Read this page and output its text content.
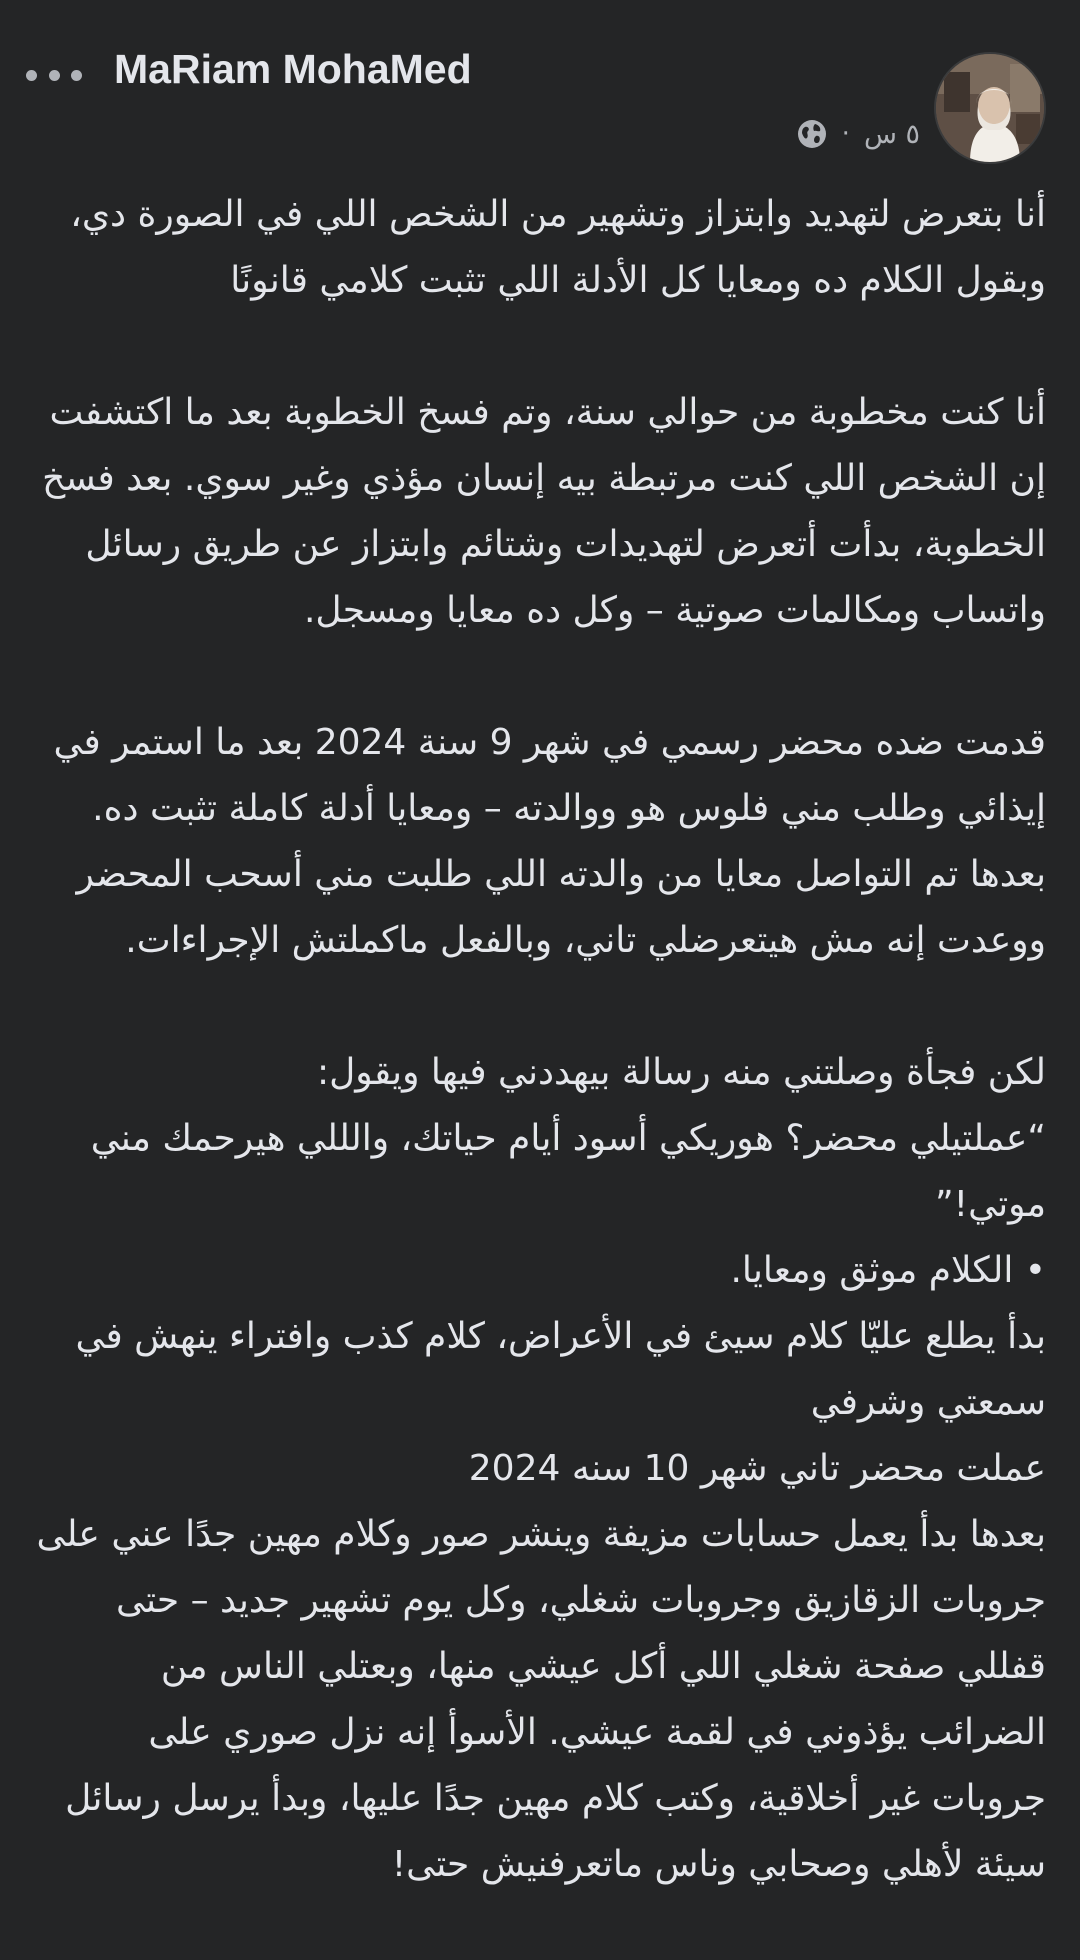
MaRiam MohaMed
· ٥ س

أنا بتعرض لتهديد وابتزاز وتشهير من الشخص اللي في الصورة دي، وبقول الكلام ده ومعايا كل الأدلة اللي تثبت كلامي قانونًا

أنا كنت مخطوبة من حوالي سنة، وتم فسخ الخطوبة بعد ما اكتشفت إن الشخص اللي كنت مرتبطة بيه إنسان مؤذي وغير سوي. بعد فسخ الخطوبة، بدأت أتعرض لتهديدات وشتائم وابتزاز عن طريق رسائل واتساب ومكالمات صوتية – وكل ده معايا ومسجل.

قدمت ضده محضر رسمي في شهر 9 سنة 2024 بعد ما استمر في إيذائي وطلب مني فلوس هو ووالدته – ومعايا أدلة كاملة تثبت ده. بعدها تم التواصل معايا من والدته اللي طلبت مني أسحب المحضر ووعدت إنه مش هيتعرضلي تاني، وبالفعل ماكملتش الإجراءات.

لكن فجأة وصلتني منه رسالة بيهددني فيها ويقول:
“عملتيلي محضر؟ هوريكي أسود أيام حياتك، والللي هيرحمك مني موتي!”
• الكلام موثق ومعايا.
بدأ يطلع عليّا كلام سيئ في الأعراض، كلام كذب وافتراء ينهش في سمعتي وشرفي
عملت محضر تاني شهر 10 سنه 2024
بعدها بدأ يعمل حسابات مزيفة وينشر صور وكلام مهين جدًا عني على جروبات الزقازيق وجروبات شغلي، وكل يوم تشهير جديد – حتى قفللي صفحة شغلي اللي أكل عيشي منها، وبعتلي الناس من الضرائب يؤذوني في لقمة عيشي. الأسوأ إنه نزل صوري على جروبات غير أخلاقية، وكتب كلام مهين جدًا عليها، وبدأ يرسل رسائل سيئة لأهلي وصحابي وناس ماتعرفنيش حتى!
